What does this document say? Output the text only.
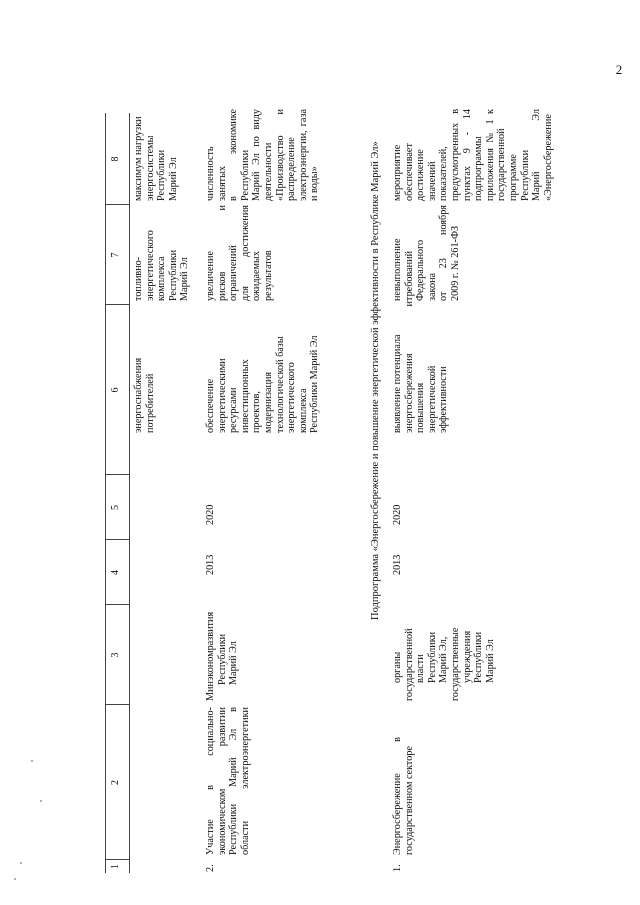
1
2
3
4
5
6
7
8
энергоснабжения потребителей
топливно- энергетического комплекса Республики Марий Эл
максимум нагрузки энергосистемы Республики Марий Эл
2.
Участие в социально- экономическом развитии Республики Марий Эл в области электроэнергетики
Минэкономразвития Республики Марий Эл
2013
2020
обеспечение энергетическими ресурсами инвестиционных проектов, модернизация технологической базы энергетического комплекса Республики Марий Эл
увеличение рисков и ограничений для достижения ожидаемых результатов
численность занятых в экономике Республики Марий Эл по виду деятельности «Производство и распределение электроэнергии, газа и воды»	Подпрограмма «Энергосбережение и повышение энергетической эффективности в Республике Марий Эл»
1.
Энергосбережение в государственном секторе
органы государственной власти Республики Марий Эл, государственные учреждения Республики Марий Эл
2013
2020
выявление потенциала энергосбережения и повышения энергетической эффективности
невыполнение требований Федерального закона от 23 ноября 2009 г. № 261-ФЗ
мероприятие обеспечивает достижение значений показателей, предусмотренных в пунктах 9 - 14 подпрограммы приложения № 1 к государственной программе Республики Марий Эл «Энергосбережение
2
